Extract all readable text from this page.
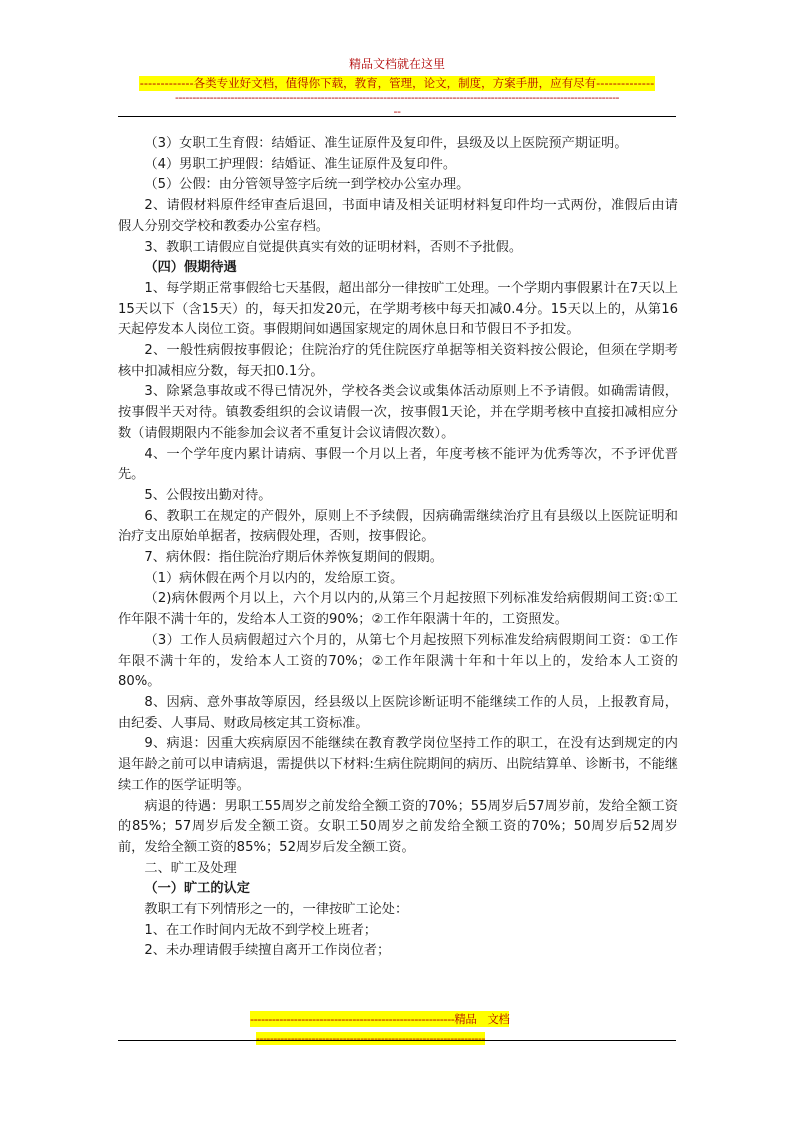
精品文档就在这里
-------------各类专业好文档，值得你下载，教育，管理，论文，制度，方案手册，应有尽有--------------
--------------------------------------------------------------------------------------------------------------------------------
--

（3）女职工生育假：结婚证、准生证原件及复印件，县级及以上医院预产期证明。

（4）男职工护理假：结婚证、准生证原件及复印件。

（5）公假：由分管领导签字后统一到学校办公室办理。

2、请假材料原件经审查后退回，书面申请及相关证明材料复印件均一式两份，准假后由请假人分别交学校和教委办公室存档。

3、教职工请假应自觉提供真实有效的证明材料，否则不予批假。

（四）假期待遇

1、每学期正常事假给七天基假，超出部分一律按旷工处理。一个学期内事假累计在7天以上15天以下（含15天）的，每天扣发20元，在学期考核中每天扣减0.4分。15天以上的，从第16天起停发本人岗位工资。事假期间如遇国家规定的周休息日和节假日不予扣发。

2、一般性病假按事假论；住院治疗的凭住院医疗单据等相关资料按公假论，但须在学期考核中扣减相应分数，每天扣0.1分。

3、除紧急事故或不得已情况外，学校各类会议或集体活动原则上不予请假。如确需请假，按事假半天对待。镇教委组织的会议请假一次，按事假1天论，并在学期考核中直接扣减相应分数（请假期限内不能参加会议者不重复计会议请假次数）。

4、一个学年度内累计请病、事假一个月以上者，年度考核不能评为优秀等次，不予评优晋先。

5、公假按出勤对待。

6、教职工在规定的产假外，原则上不予续假，因病确需继续治疗且有县级以上医院证明和治疗支出原始单据者，按病假处理，否则，按事假论。

7、病休假：指住院治疗期后休养恢复期间的假期。

（1）病休假在两个月以内的，发给原工资。

（2)病休假两个月以上，六个月以内的,从第三个月起按照下列标准发给病假期间工资:①工作年限不满十年的，发给本人工资的90%；②工作年限满十年的，工资照发。

（3）工作人员病假超过六个月的，从第七个月起按照下列标准发给病假期间工资：①工作年限不满十年的，发给本人工资的70%；②工作年限满十年和十年以上的，发给本人工资的80%。

8、因病、意外事故等原因，经县级以上医院诊断证明不能继续工作的人员，上报教育局，由纪委、人事局、财政局核定其工资标准。

9、病退：因重大疾病原因不能继续在教育教学岗位坚持工作的职工，在没有达到规定的内退年龄之前可以申请病退，需提供以下材料:生病住院期间的病历、出院结算单、诊断书，不能继续工作的医学证明等。

病退的待遇：男职工55周岁之前发给全额工资的70%；55周岁后57周岁前，发给全额工资的85%；57周岁后发全额工资。女职工50周岁之前发给全额工资的70%；50周岁后52周岁前，发给全额工资的85%；52周岁后发全额工资。

二、旷工及处理

（一）旷工的认定

教职工有下列情形之一的，一律按旷工论处：

1、在工作时间内无故不到学校上班者；

2、未办理请假手续擅自离开工作岗位者；

--------------------------------------------------------精品　文档
------------------------------------------------------------------
